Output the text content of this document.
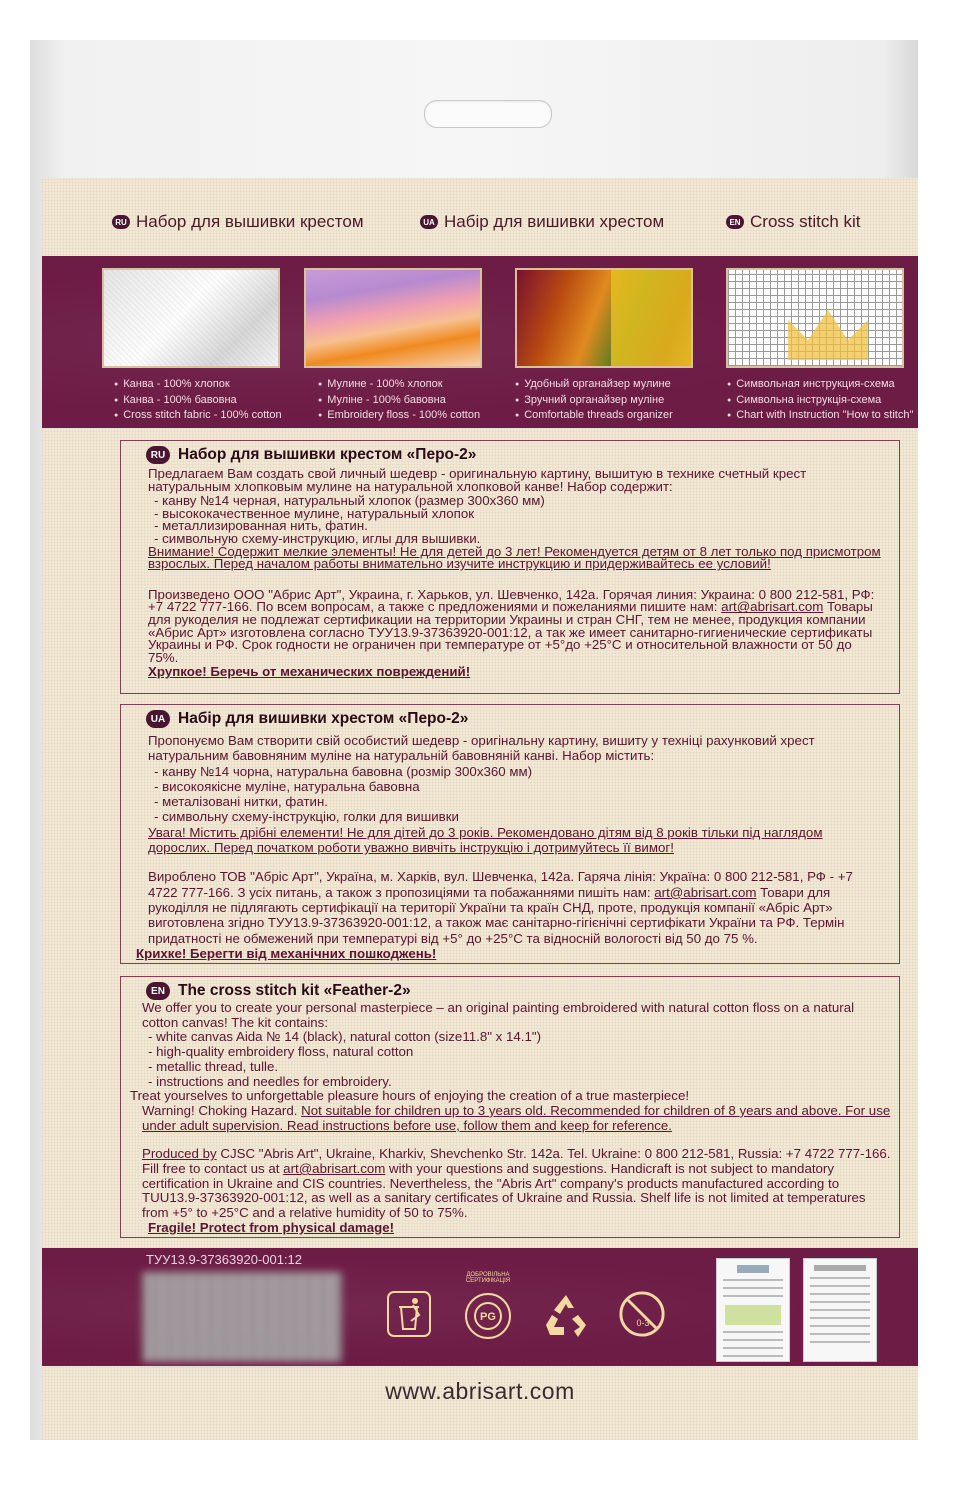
RU Набор для вышивки крестом	UA Набір для вишивки хрестом	EN Cross stitch kit
● Канва - 100% хлопок
● Канва - 100% бавовна
● Cross stitch fabric - 100% cotton
● Мулине - 100% хлопок
● Муліне - 100% бавовна
● Embroidery floss - 100% cotton
● Удобный органайзер мулине
● Зручний органайзер муліне
● Comfortable threads organizer
● Символьная инструкция-схема
● Символьна інструкція-схема
● Chart with Instruction "How to stitch"
RU Набор для вышивки крестом «Перо-2»

Предлагаем Вам создать свой личный шедевр - оригинальную картину, вышитую в технике счетный крест натуральным хлопковым мулине на натуральной хлопковой канве! Набор содержит:

- канву №14 черная, натуральный хлопок (размер 300х360 мм)

- высококачественное мулине, натуральный хлопок

- металлизированная нить, фатин.

- символьную схему-инструкцию, иглы для вышивки.

Внимание! Содержит мелкие элементы! Не для детей до 3 лет! Рекомендуется детям от 8 лет только под присмотром взрослых. Перед началом работы внимательно изучите инструкцию и придерживайтесь ее условий!

Произведено ООО "Абрис Арт", Украина, г. Харьков, ул. Шевченко, 142а. Горячая линия: Украина: 0 800 212-581, РФ: +7 4722 777-166. По всем вопросам, а также с предложениями и пожеланиями пишите нам: art@abrisart.com Товары для рукоделия не подлежат сертификации на территории Украины и стран СНГ, тем не менее, продукция компании «Абрис Арт» изготовлена согласно ТУУ13.9-37363920-001:12, а так же имеет санитарно-гигиенические сертификаты Украины и РФ. Срок годности не ограничен при температуре от +5°до +25°C и относительной влажности от 50 до 75%.

Хрупкое! Беречь от механических повреждений!

UA Набір для вишивки хрестом «Перо-2»

Пропонуємо Вам створити свій особистий шедевр - оригінальну картину, вишиту у техніці рахунковий хрест натуральним бавовняним муліне на натуральній бавовняній канві. Набор містить:

- канву №14 чорна, натуральна бавовна (розмір 300х360 мм)

- високоякісне муліне, натуральна бавовна

- металізовані нитки, фатин.

- символьну схему-інструкцію, голки для вишивки

Увага! Містить дрібні елементи! Не для дітей до 3 років. Рекомендовано дітям від 8 років тільки під наглядом дорослих. Перед початком роботи уважно вивчіть інструкцію і дотримуйтесь її вимог!

Вироблено ТОВ "Абріс Арт", Україна, м. Харків, вул. Шевченка, 142а. Гаряча лінія: Україна: 0 800 212-581, РФ - +7 4722 777-166. З усіх питань, а також з пропозиціями та побажаннями пишіть нам: art@abrisart.com Товари для рукоділля не підлягають сертифікації на території України та країн СНД, проте, продукція компанії «Абріс Арт» виготовлена згідно ТУУ13.9-37363920-001:12, а також має санітарно-гігієнічні сертифікати України та РФ. Термін придатності не обмежений при температурі від +5° до +25°C та відносній вологості від 50 до 75 %.

Крихке! Берегти від механічних пошкоджень!

EN The cross stitch kit «Feather-2»

We offer you to create your personal masterpiece – an original painting embroidered with natural cotton floss on a natural cotton canvas! The kit contains:

- white canvas Aida № 14 (black), natural cotton (size11.8" x 14.1")

- high-quality embroidery floss, natural cotton

- metallic thread, tulle.

- instructions and needles for embroidery.

Treat yourselves to unforgettable pleasure hours of enjoying the creation of a true masterpiece!

Warning! Choking Hazard. Not suitable for children up to 3 years old. Recommended for children of 8 years and above. For use under adult supervision. Read instructions before use, follow them and keep for reference.

Produced by CJSC "Abris Art", Ukraine, Kharkiv, Shevchenko Str. 142a. Tel. Ukraine: 0 800 212-581, Russia: +7 4722 777-166. Fill free to contact us at art@abrisart.com with your questions and suggestions. Handicraft is not subject to mandatory certification in Ukraine and CIS countries. Nevertheless, the "Abris Art" company's products manufactured according to TUU13.9-37363920-001:12, as well as a sanitary certificates of Ukraine and Russia. Shelf life is not limited at temperatures from +5° to +25°C and a relative humidity of 50 to 75%.

Fragile! Protect from physical damage!

ТУУ13.9-37363920-001:12
PG
ДОБРОВІЛЬНА СЕРТИФІКАЦІЯ
0-3
www.abrisart.com
